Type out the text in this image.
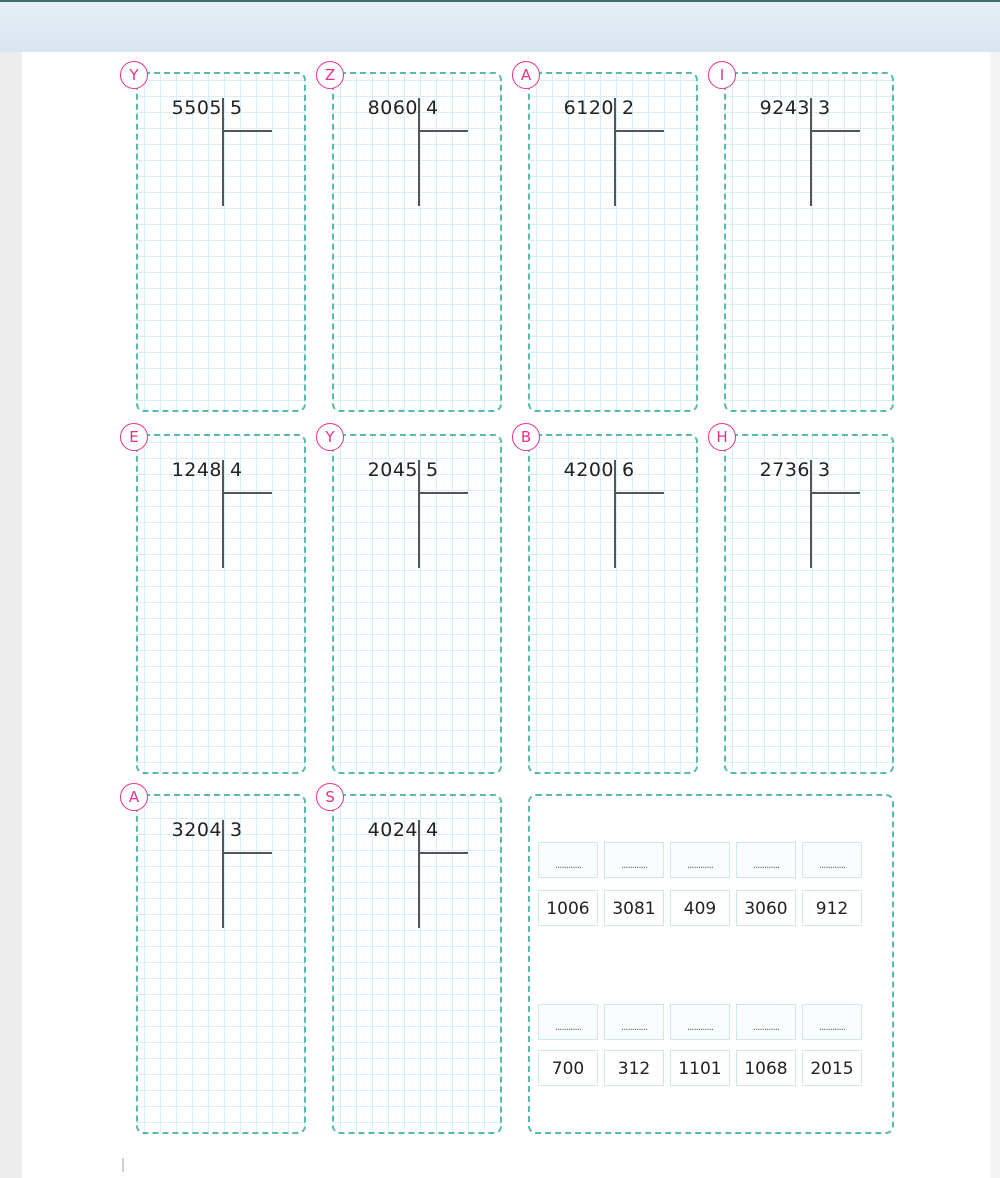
Y
5505 5
Z
8060 4
A
6120 2
I
9243 3
E
1248 4
Y
2045 5
B
4200 6
H
2736 3
A
3204 3
S
4024 4
............	............	............	............	............
1006	3081	409	3060	912
............	............	............	............	............
700	312	1101	1068	2015
